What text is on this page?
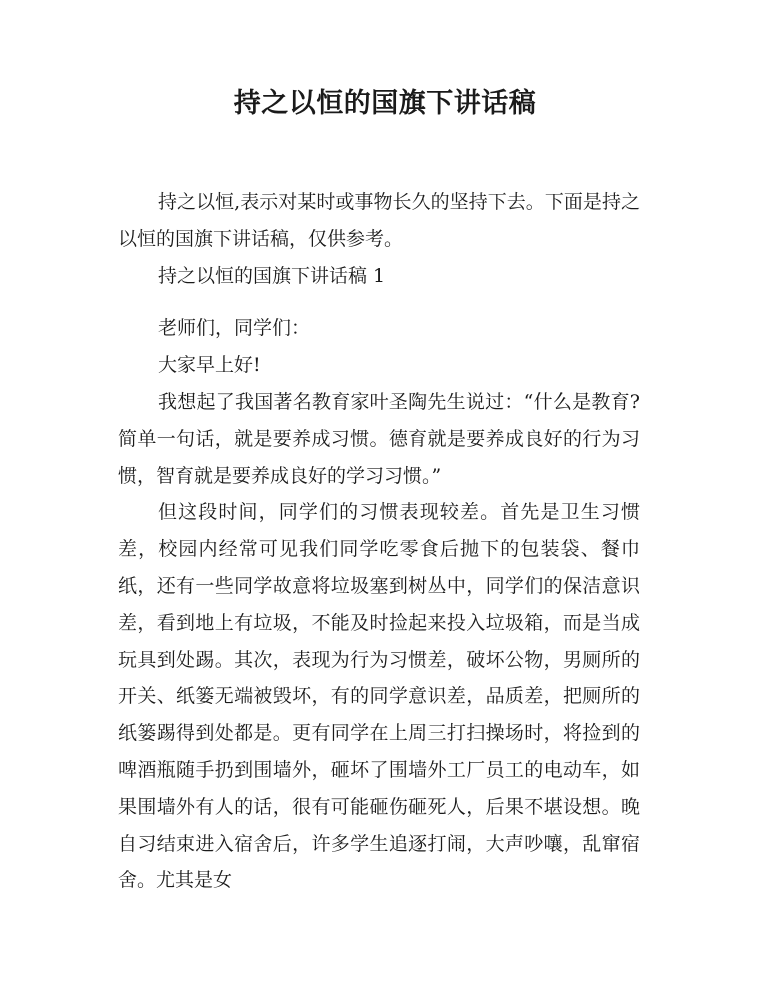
持之以恒的国旗下讲话稿

持之以恒,表示对某时或事物长久的坚持下去。下面是持之以恒的国旗下讲话稿，仅供参考。

持之以恒的国旗下讲话稿 1

老师们，同学们：

大家早上好!

我想起了我国著名教育家叶圣陶先生说过：“什么是教育?简单一句话，就是要养成习惯。德育就是要养成良好的行为习惯，智育就是要养成良好的学习习惯。”

但这段时间，同学们的习惯表现较差。首先是卫生习惯差，校园内经常可见我们同学吃零食后抛下的包装袋、餐巾纸，还有一些同学故意将垃圾塞到树丛中，同学们的保洁意识差，看到地上有垃圾，不能及时捡起来投入垃圾箱，而是当成玩具到处踢。其次，表现为行为习惯差，破坏公物，男厕所的开关、纸篓无端被毁坏，有的同学意识差，品质差，把厕所的纸篓踢得到处都是。更有同学在上周三打扫操场时，将捡到的啤酒瓶随手扔到围墙外，砸坏了围墙外工厂员工的电动车，如果围墙外有人的话，很有可能砸伤砸死人，后果不堪设想。晚自习结束进入宿舍后，许多学生追逐打闹，大声吵嚷，乱窜宿舍。尤其是女
